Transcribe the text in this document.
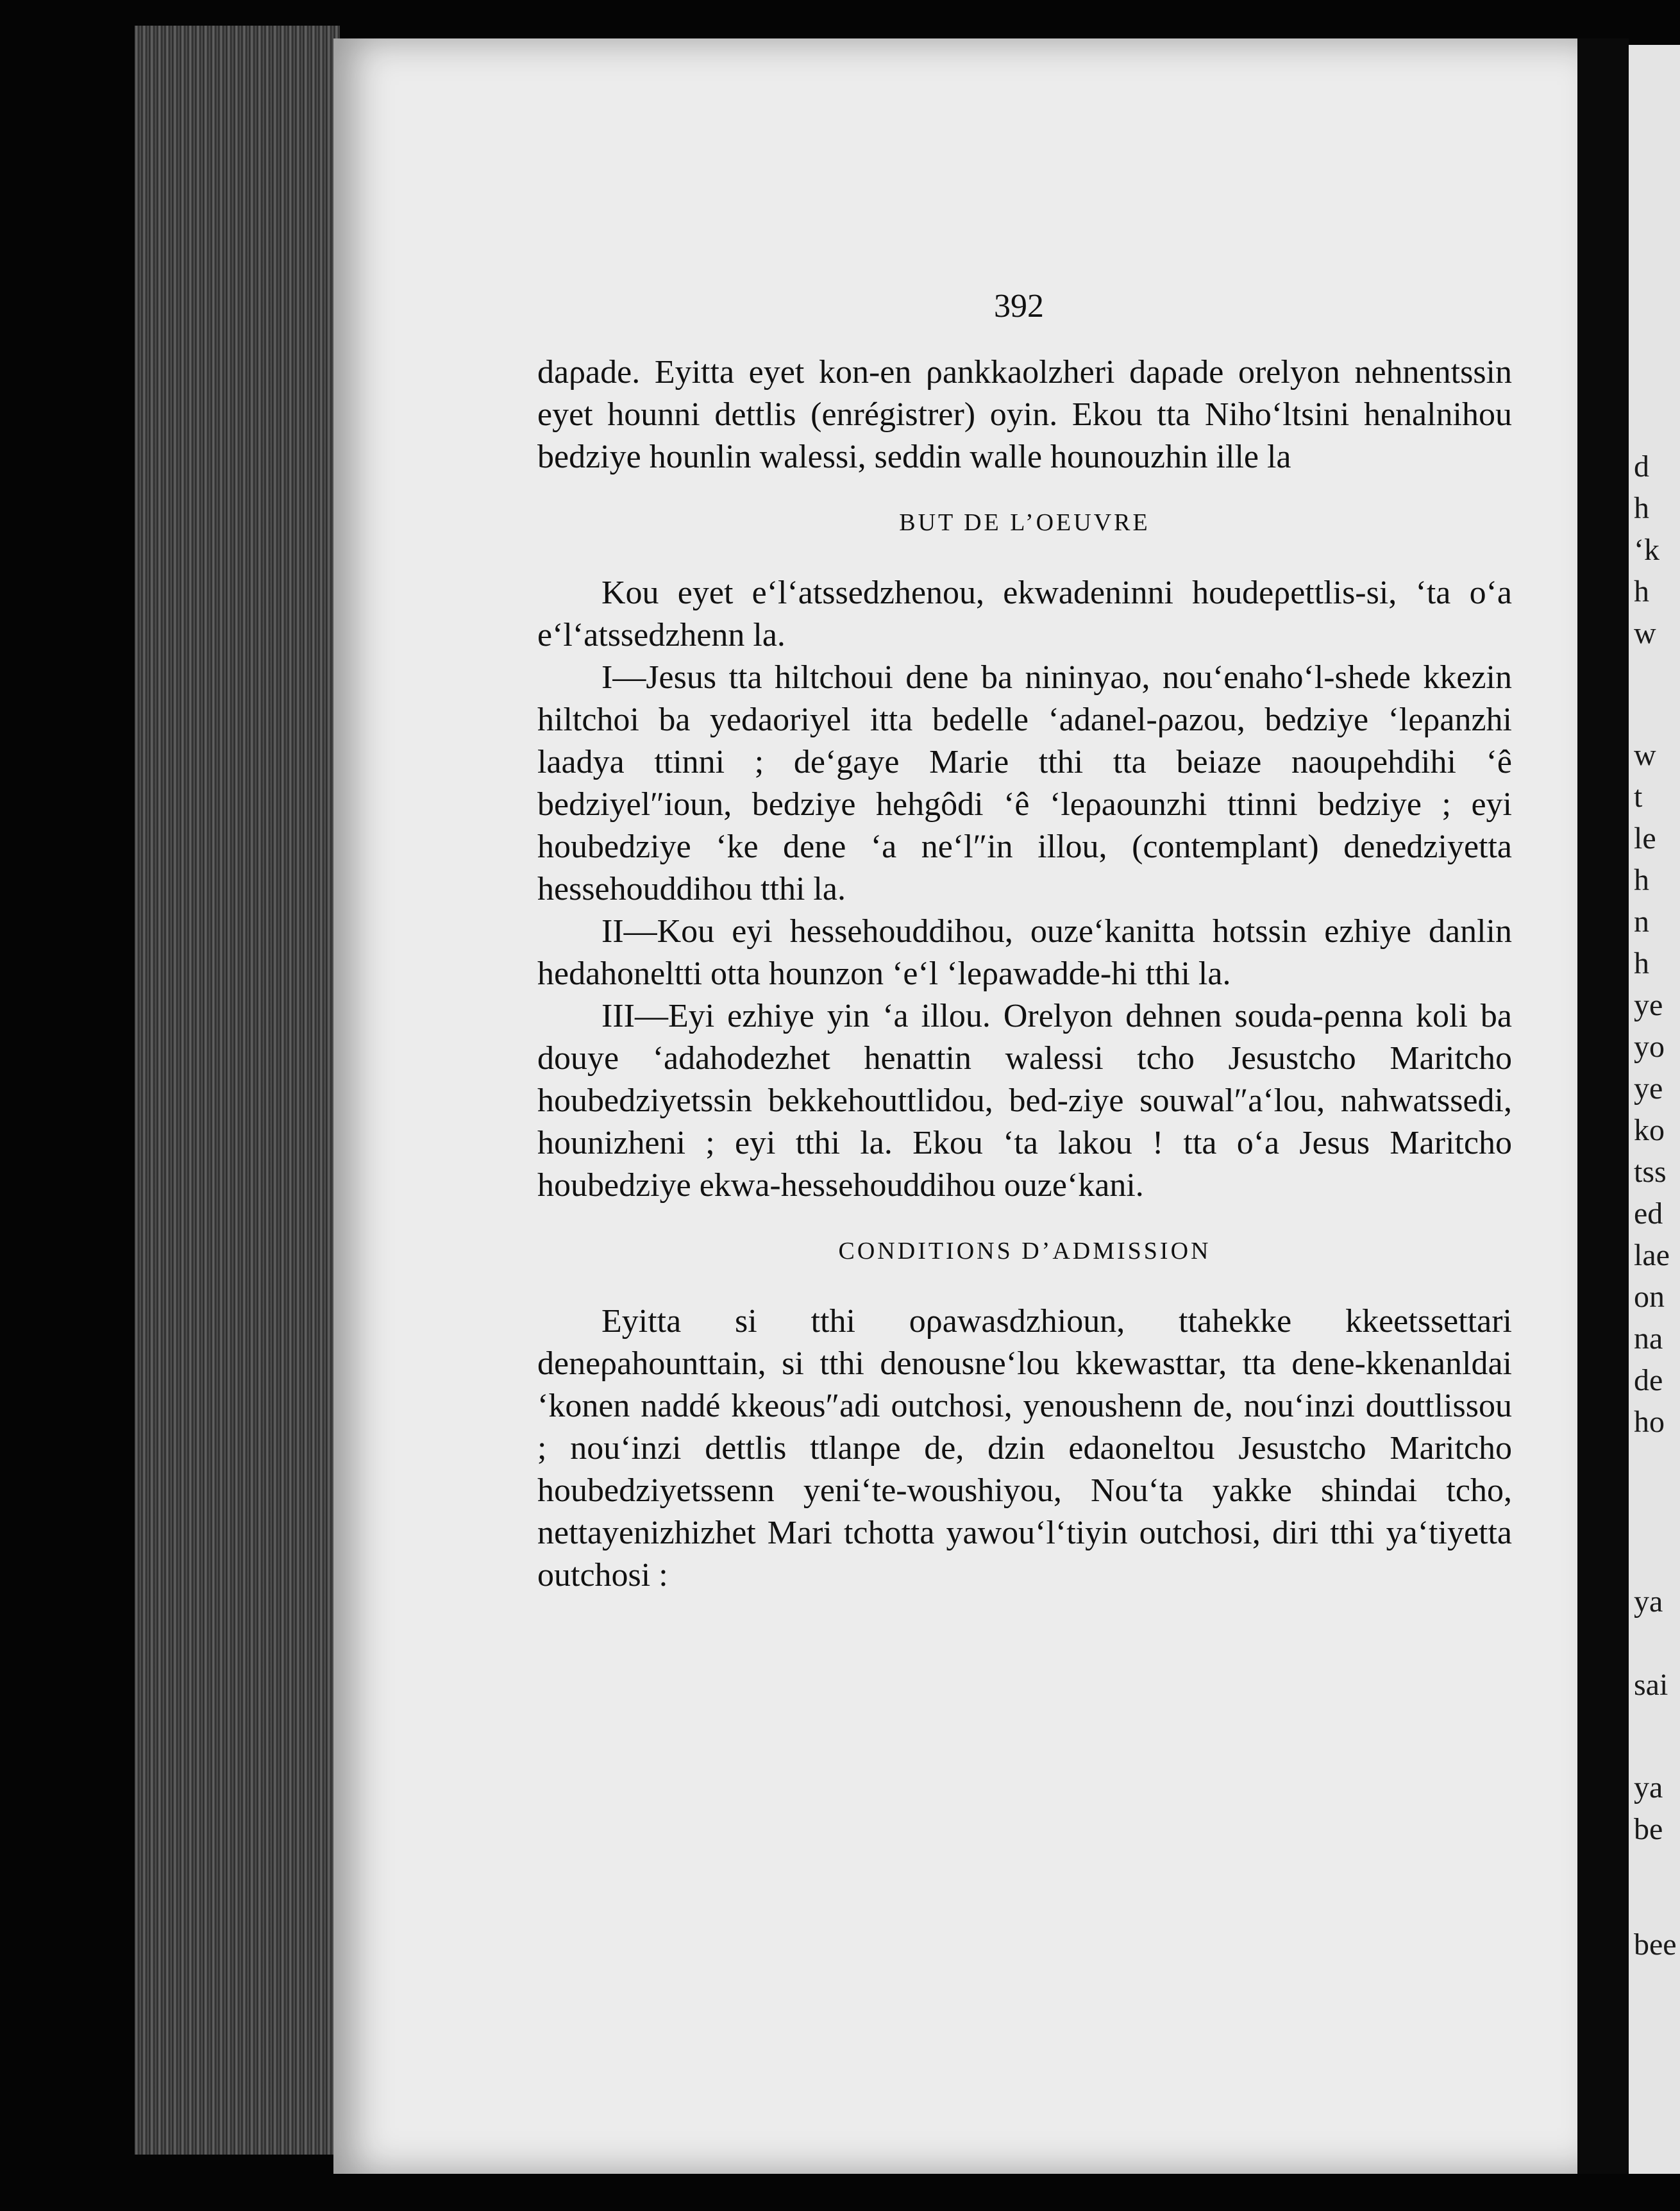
d
h
‘k
h
w
w
t
le
h
n
h
ye
yo
ye
ko
tss
ed
lae
on
na
de
ho
ya
sai
ya
be
bee
392

daρade. Eyitta eyet kon-en ρankkaolzheri daρade orelyon nehnentssin eyet hounni dettlis (enrégistrer) oyin. Ekou tta Niho‘ltsini henalnihou bedziye hounlin walessi, seddin walle hounouzhin ille la

BUT DE L’OEUVRE

Kou eyet e‘l‘atssedzhenou, ekwadeninni houdeρettlis-si, ‘ta o‘a e‘l‘atssedzhenn la.

I—Jesus tta hiltchoui dene ba nininyao, nou‘enaho‘l-shede kkezin hiltchoi ba yedaoriyel itta bedelle ‘adanel-ρazou, bedziye ‘leρanzhi laadya ttinni ; de‘gaye Marie tthi tta beiaze naouρehdihi ‘ê bedziyel″ioun, bedziye hehgôdi ‘ê ‘leρaounzhi ttinni bedziye ; eyi houbedziye ‘ke dene ‘a ne‘l″in illou, (contemplant) denedziyetta hessehouddihou tthi la.

II—Kou eyi hessehouddihou, ouze‘kanitta hotssin ezhiye danlin hedahoneltti otta hounzon ‘e‘l ‘leρawadde-hi tthi la.

III—Eyi ezhiye yin ‘a illou. Orelyon dehnen souda-ρenna koli ba douye ‘adahodezhet henattin walessi tcho Jesustcho Maritcho houbedziyetssin bekkehouttlidou, bed-ziye souwal″a‘lou, nahwatssedi, hounizheni ; eyi tthi la. Ekou ‘ta lakou ! tta o‘a Jesus Maritcho houbedziye ekwa-hessehouddihou ouze‘kani.

CONDITIONS D’ADMISSION

Eyitta si tthi oρawasdzhioun, ttahekke kkeetssettari deneρahounttain, si tthi denousne‘lou kkewasttar, tta dene-kkenanldai ‘konen naddé kkeous″adi outchosi, yenoushenn de, nou‘inzi douttlissou ; nou‘inzi dettlis ttlanρe de, dzin edaoneltou Jesustcho Maritcho houbedziyetssenn yeni‘te-woushiyou, Nou‘ta yakke shindai tcho, nettayenizhizhet Mari tchotta yawou‘l‘tiyin outchosi, diri tthi ya‘tiyetta outchosi :
